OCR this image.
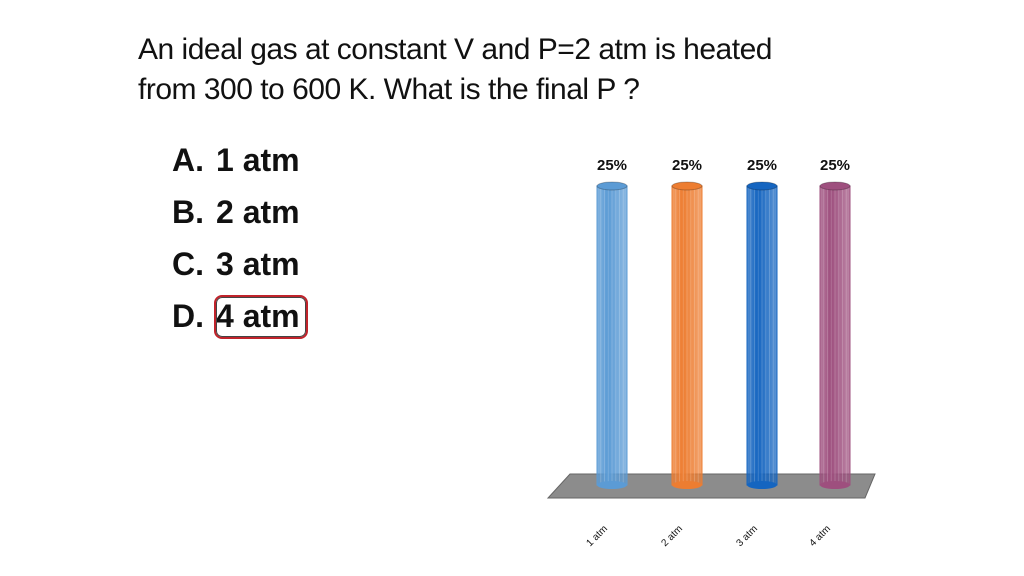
An ideal gas at constant V and P=2 atm is heated
from 300 to 600 K. What is the final P ?
A. 1 atm
B. 2 atm
C. 3 atm
D. 4 atm
25%
1 atm
25%
2 atm
25%
3 atm
25%
4 atm
